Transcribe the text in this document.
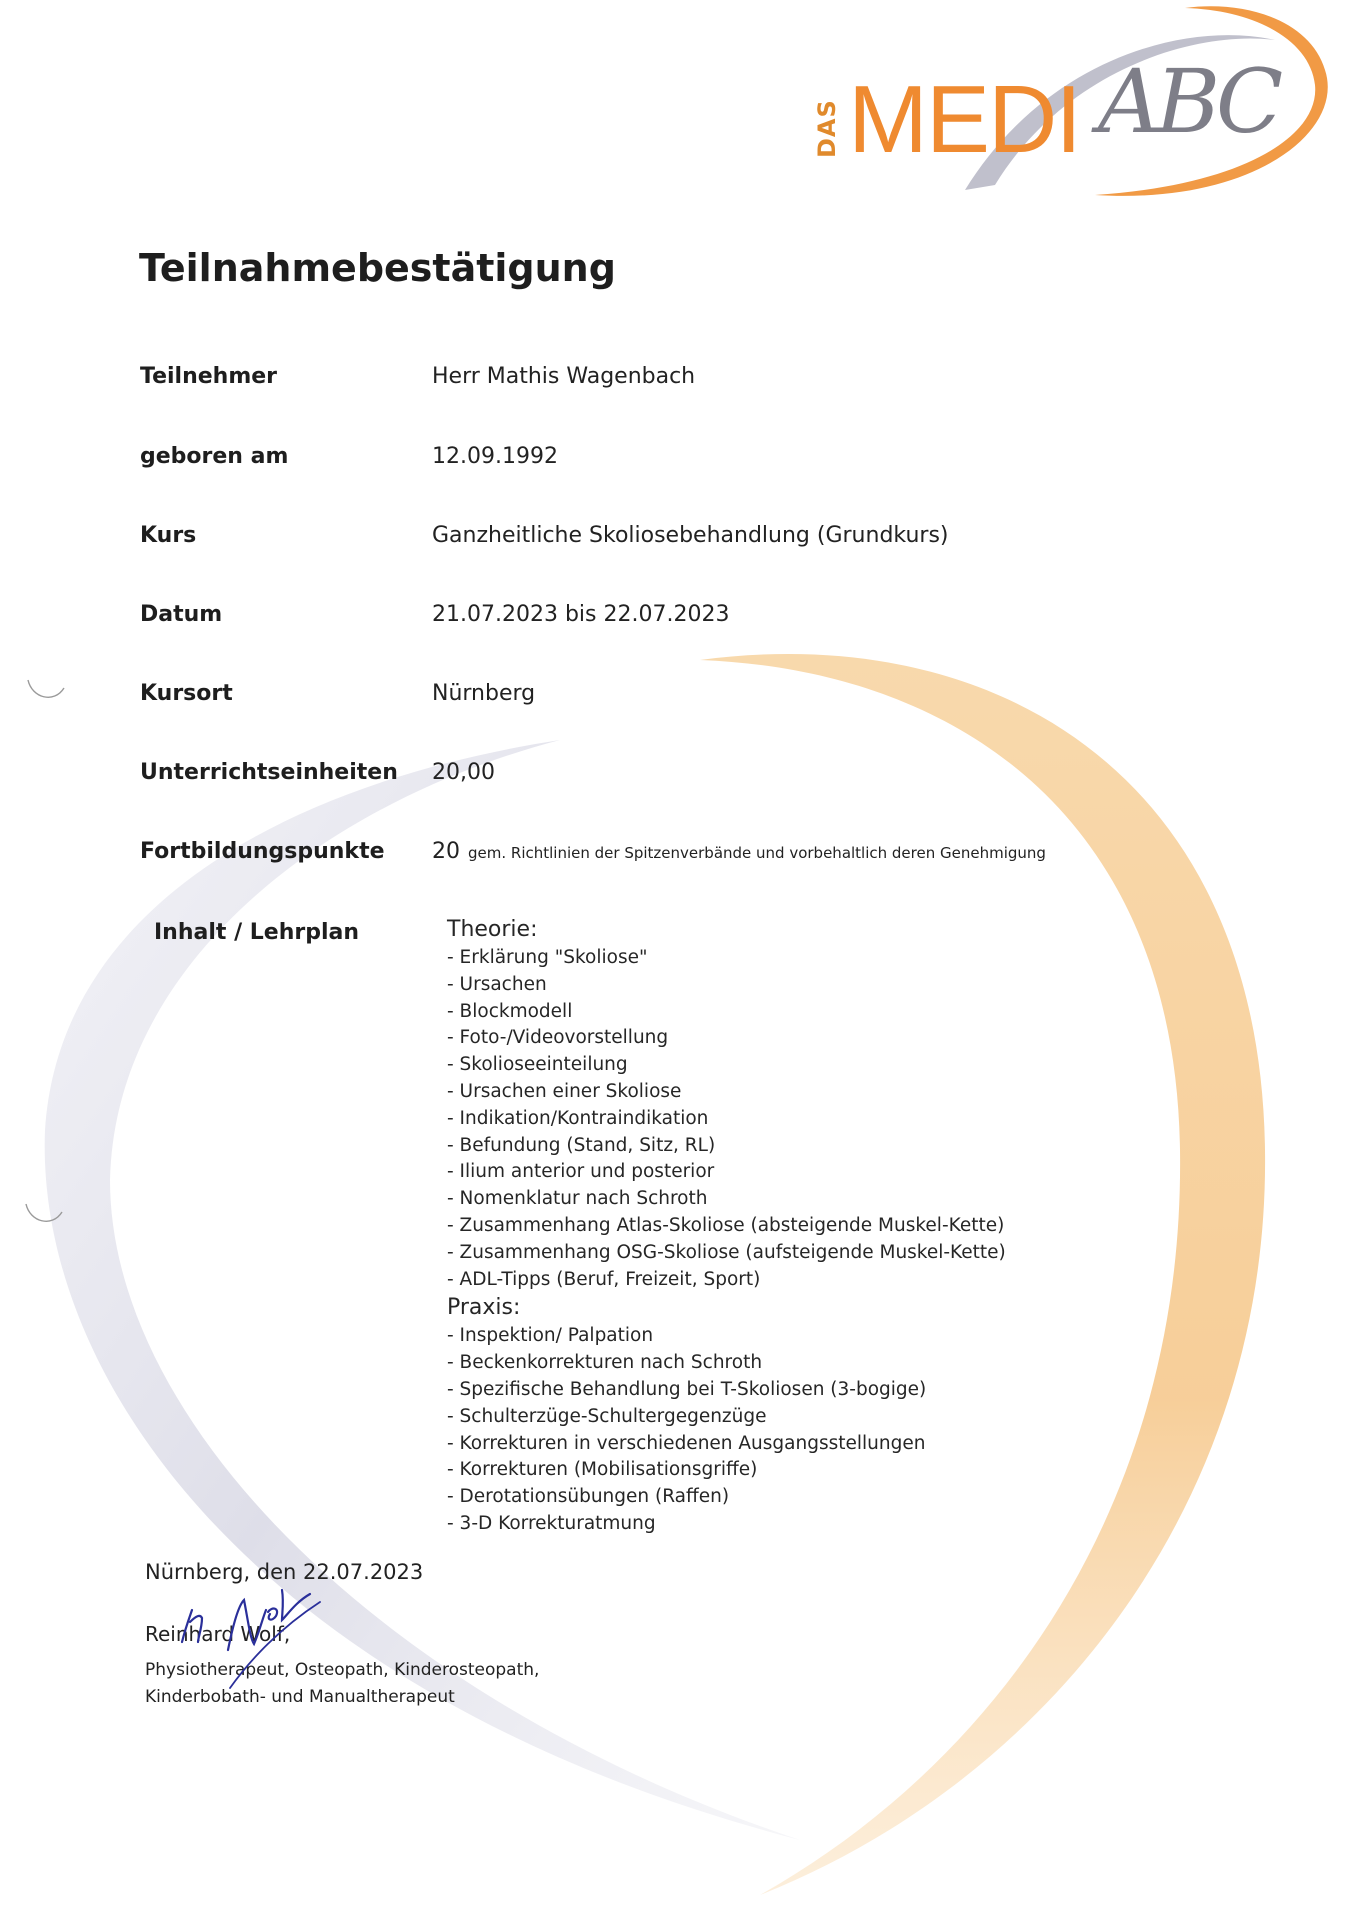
DAS MEDI ABC
Teilnahmebestätigung
Teilnehmer	Herr Mathis Wagenbach
geboren am	12.09.1992
Kurs	Ganzheitliche Skoliosebehandlung (Grundkurs)
Datum	21.07.2023 bis 22.07.2023
Kursort	Nürnberg
Unterrichtseinheiten 20,00
Fortbildungspunkte 20 gem. Richtlinien der Spitzenverbände und vorbehaltlich deren Genehmigung
Inhalt / Lehrplan	Theorie:
- Erklärung "Skoliose"
- Ursachen
- Blockmodell
- Foto-/Videovorstellung
- Skolioseeinteilung
- Ursachen einer Skoliose
- Indikation/Kontraindikation
- Befundung (Stand, Sitz, RL)
- Ilium anterior und posterior
- Nomenklatur nach Schroth
- Zusammenhang Atlas-Skoliose (absteigende Muskel-Kette)
- Zusammenhang OSG-Skoliose (aufsteigende Muskel-Kette)
- ADL-Tipps (Beruf, Freizeit, Sport)
Praxis:
- Inspektion/ Palpation
- Beckenkorrekturen nach Schroth
- Spezifische Behandlung bei T-Skoliosen (3-bogige)
- Schulterzüge-Schultergegenzüge
- Korrekturen in verschiedenen Ausgangsstellungen
- Korrekturen (Mobilisationsgriffe)
- Derotationsübungen (Raffen)
- 3-D Korrekturatmung
Nürnberg, den 22.07.2023
Reinhard Wolf,
Physiotherapeut, Osteopath, Kinderosteopath,
Kinderbobath- und Manualtherapeut
